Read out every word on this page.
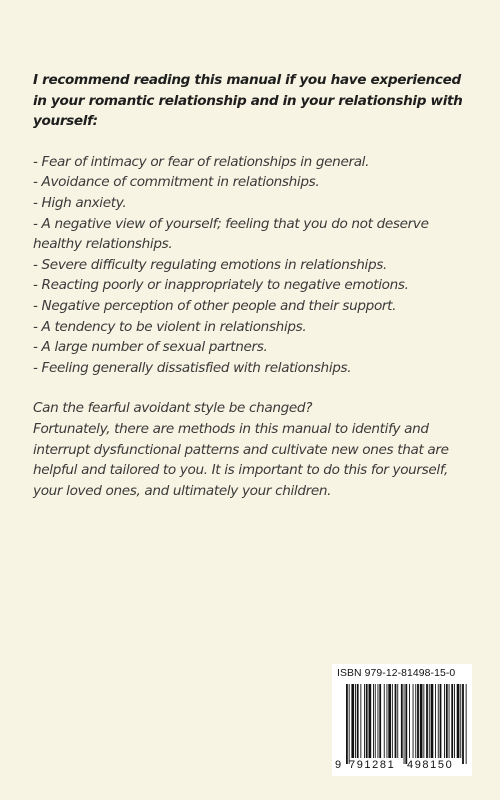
I recommend reading this manual if you have experienced in your romantic relationship and in your relationship with yourself:

- Fear of intimacy or fear of relationships in general.
- Avoidance of commitment in relationships.
- High anxiety.
- A negative view of yourself; feeling that you do not deserve healthy relationships.
- Severe difficulty regulating emotions in relationships.
- Reacting poorly or inappropriately to negative emotions.
- Negative perception of other people and their support.
- A tendency to be violent in relationships.
- A large number of sexual partners.
- Feeling generally dissatisfied with relationships.

Can the fearful avoidant style be changed?

Fortunately, there are methods in this manual to identify and interrupt dysfunctional patterns and cultivate new ones that are helpful and tailored to you. It is important to do this for yourself, your loved ones, and ultimately your children.

ISBN 979-12-81498-15-0
9 791281 498150
